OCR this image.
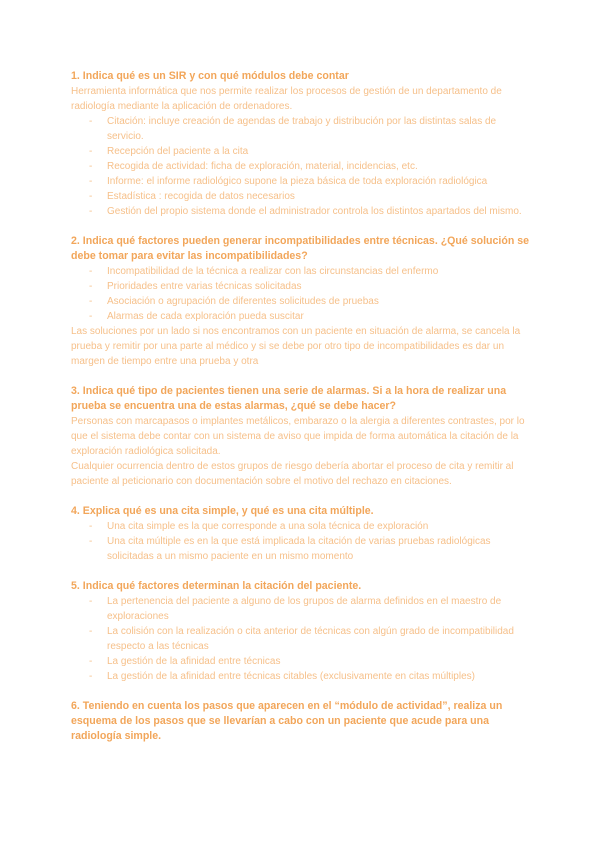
1. Indica qué es un SIR y con qué módulos debe contar

Herramienta informática que nos permite realizar los procesos de gestión de un departamento de radiología mediante la aplicación de ordenadores.

- Citación: incluye creación de agendas de trabajo y distribución por las distintas salas de servicio.
- Recepción del paciente a la cita
- Recogida de actividad: ficha de exploración, material, incidencias, etc.
- Informe: el informe radiológico supone la pieza básica de toda exploración radiológica
- Estadística : recogida de datos necesarios
- Gestión del propio sistema donde el administrador controla los distintos apartados del mismo.

2. Indica qué factores pueden generar incompatibilidades entre técnicas. ¿Qué solución se debe tomar para evitar las incompatibilidades?

- Incompatibilidad de la técnica a realizar con las circunstancias del enfermo
- Prioridades entre varias técnicas solicitadas
- Asociación o agrupación de diferentes solicitudes de pruebas
- Alarmas de cada exploración pueda suscitar

Las soluciones por un lado si nos encontramos con un paciente en situación de alarma, se cancela la prueba y remitir por una parte al médico y si se debe por otro tipo de incompatibilidades es dar un margen de tiempo entre una prueba y otra

3. Indica qué tipo de pacientes tienen una serie de alarmas. Si a la hora de realizar una prueba se encuentra una de estas alarmas, ¿qué se debe hacer?

Personas con marcapasos o implantes metálicos, embarazo o la alergia a diferentes contrastes, por lo que el sistema debe contar con un sistema de aviso que impida de forma automática la citación de la exploración radiológica solicitada.

Cualquier ocurrencia dentro de estos grupos de riesgo debería abortar el proceso de cita y remitir al paciente al peticionario con documentación sobre el motivo del rechazo en citaciones.

4. Explica qué es una cita simple, y qué es una cita múltiple.

- Una cita simple es la que corresponde a una sola técnica de exploración
- Una cita múltiple es en la que está implicada la citación de varias pruebas radiológicas solicitadas a un mismo paciente en un mismo momento

5. Indica qué factores determinan la citación del paciente.

- La pertenencia del paciente a alguno de los grupos de alarma definidos en el maestro de exploraciones
- La colisión con la realización o cita anterior de técnicas con algún grado de incompatibilidad respecto a las técnicas
- La gestión de la afinidad entre técnicas
- La gestión de la afinidad entre técnicas citables (exclusivamente en citas múltiples)

6. Teniendo en cuenta los pasos que aparecen en el “módulo de actividad”, realiza un esquema de los pasos que se llevarían a cabo con un paciente que acude para una radiología simple.
